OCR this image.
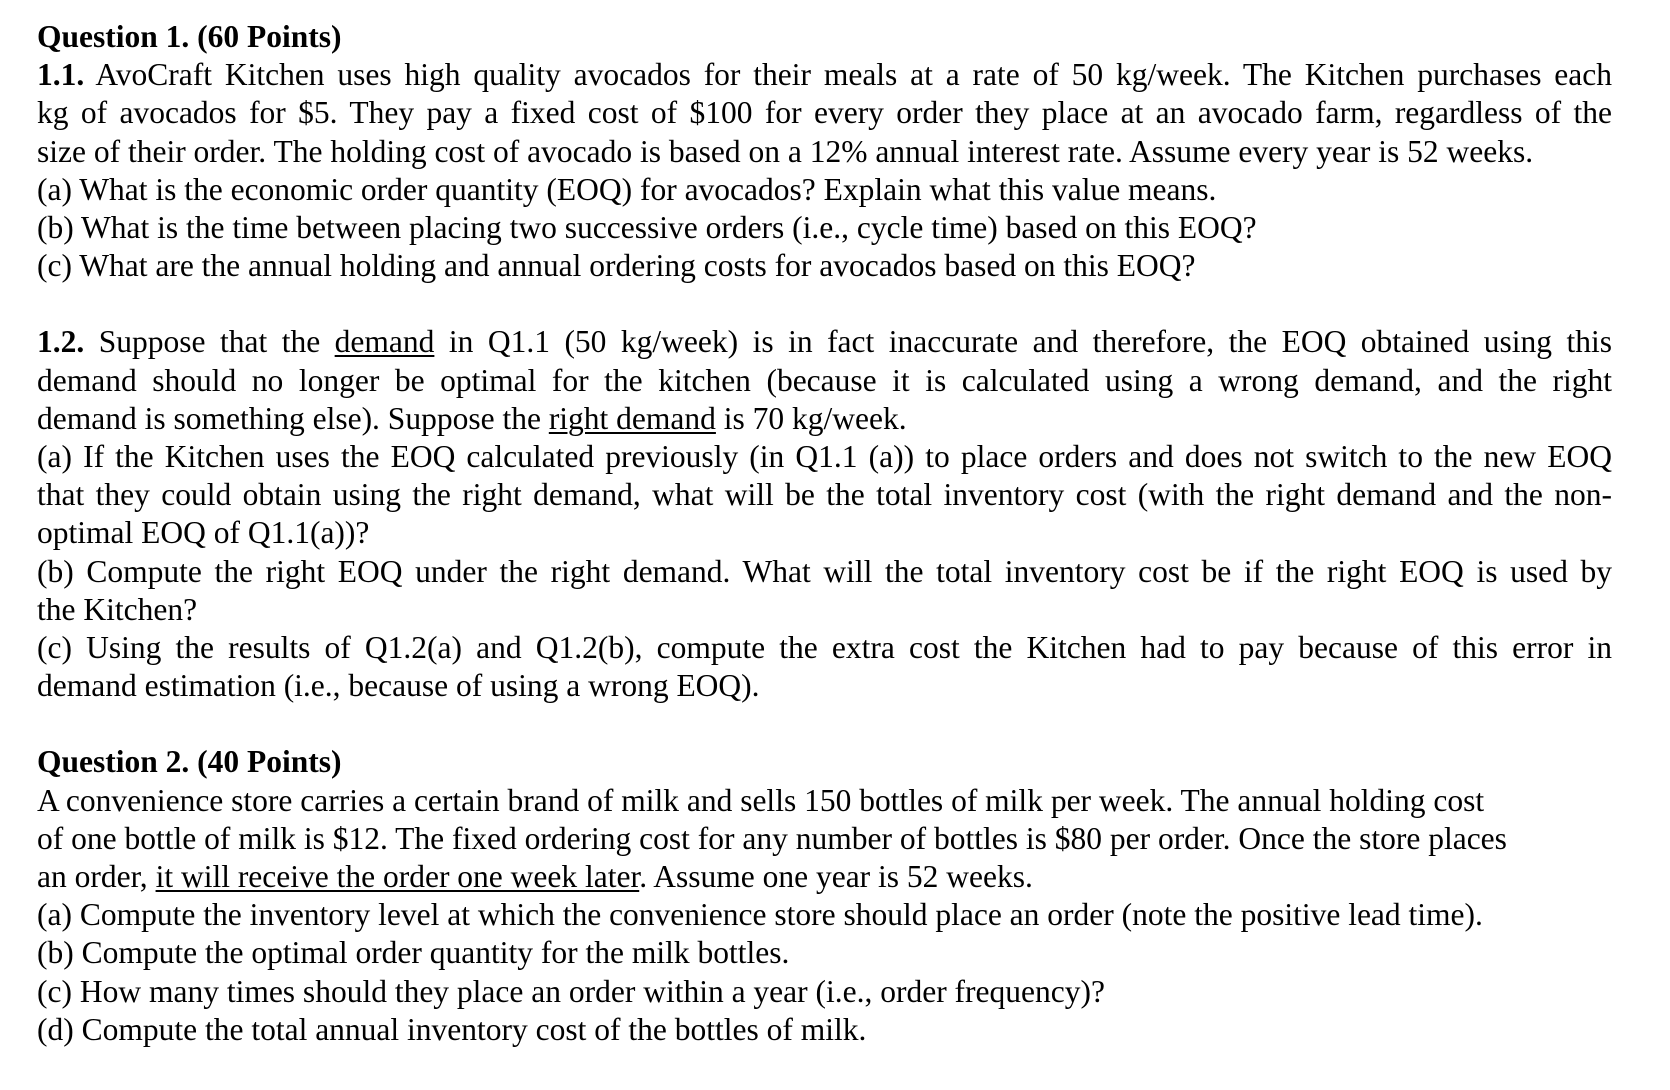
Question 1. (60 Points)
1.1. AvoCraft Kitchen uses high quality avocados for their meals at a rate of 50 kg/week. The Kitchen purchases each
kg of avocados for $5. They pay a fixed cost of $100 for every order they place at an avocado farm, regardless of the
size of their order. The holding cost of avocado is based on a 12% annual interest rate. Assume every year is 52 weeks.
(a) What is the economic order quantity (EOQ) for avocados? Explain what this value means.
(b) What is the time between placing two successive orders (i.e., cycle time) based on this EOQ?
(c) What are the annual holding and annual ordering costs for avocados based on this EOQ?
1.2. Suppose that the demand in Q1.1 (50 kg/week) is in fact inaccurate and therefore, the EOQ obtained using this
demand should no longer be optimal for the kitchen (because it is calculated using a wrong demand, and the right
demand is something else). Suppose the right demand is 70 kg/week.
(a) If the Kitchen uses the EOQ calculated previously (in Q1.1 (a)) to place orders and does not switch to the new EOQ
that they could obtain using the right demand, what will be the total inventory cost (with the right demand and the non-
optimal EOQ of Q1.1(a))?
(b) Compute the right EOQ under the right demand. What will the total inventory cost be if the right EOQ is used by
the Kitchen?
(c) Using the results of Q1.2(a) and Q1.2(b), compute the extra cost the Kitchen had to pay because of this error in
demand estimation (i.e., because of using a wrong EOQ).
Question 2. (40 Points)
A convenience store carries a certain brand of milk and sells 150 bottles of milk per week. The annual holding cost
of one bottle of milk is $12. The fixed ordering cost for any number of bottles is $80 per order. Once the store places
an order, it will receive the order one week later. Assume one year is 52 weeks.
(a) Compute the inventory level at which the convenience store should place an order (note the positive lead time).
(b) Compute the optimal order quantity for the milk bottles.
(c) How many times should they place an order within a year (i.e., order frequency)?
(d) Compute the total annual inventory cost of the bottles of milk.
